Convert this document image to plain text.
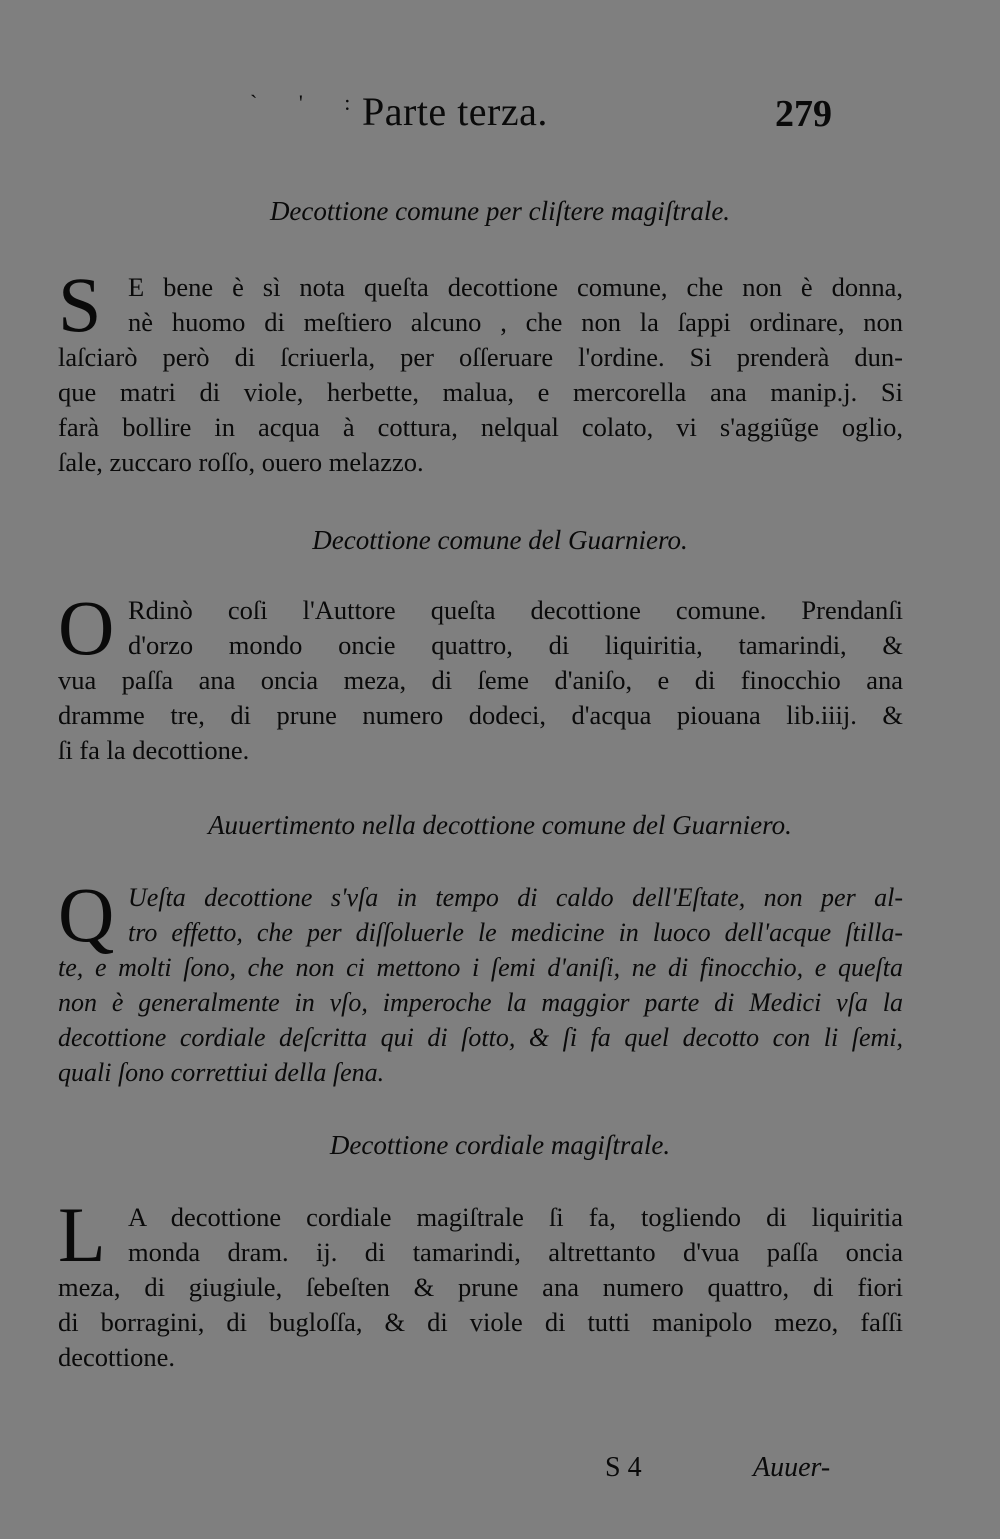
` ' :
Parte terza.	279
Decottione comune per cliſtere magiſtrale.
S	E bene è sì nota queſta decottione comune, che non è donna,
nè huomo di meſtiero alcuno , che non la ſappi ordinare, non
laſciarò però di ſcriuerla, per oſſeruare l'ordine. Si prenderà dun-
que matri di viole, herbette, malua, e mercorella ana manip.j. Si
farà bollire in acqua à cottura, nelqual colato, vi s'aggiũge oglio,
ſale, zuccaro roſſo, ouero melazzo.
Decottione comune del Guarniero.
O Rdinò coſi l'Auttore queſta decottione comune. Prendanſi
d'orzo mondo oncie quattro, di liquiritia, tamarindi, &
vua paſſa ana oncia meza, di ſeme d'aniſo, e di finocchio ana
dramme tre, di prune numero dodeci, d'acqua piouana lib.iiij. &
ſi fa la decottione.
Auuertimento nella decottione comune del Guarniero.
Q Ueſta decottione s'vſa in tempo di caldo dell'Eſtate, non per al-
tro effetto, che per diſſoluerle le medicine in luoco dell'acque ſtilla-
te, e molti ſono, che non ci mettono i ſemi d'aniſi, ne di finocchio, e queſta
non è generalmente in vſo, imperoche la maggior parte di Medici vſa la
decottione cordiale deſcritta qui di ſotto, & ſi fa quel decotto con li ſemi,
quali ſono correttiui della ſena.
Decottione cordiale magiſtrale.
L A decottione cordiale magiſtrale ſi fa, togliendo di liquiritia
monda dram. ij. di tamarindi, altrettanto d'vua paſſa oncia
meza, di giugiule, ſebeſten & prune ana numero quattro, di fiori
di borragini, di bugloſſa, & di viole di tutti manipolo mezo, faſſi
decottione.
S 4	Auuer-
